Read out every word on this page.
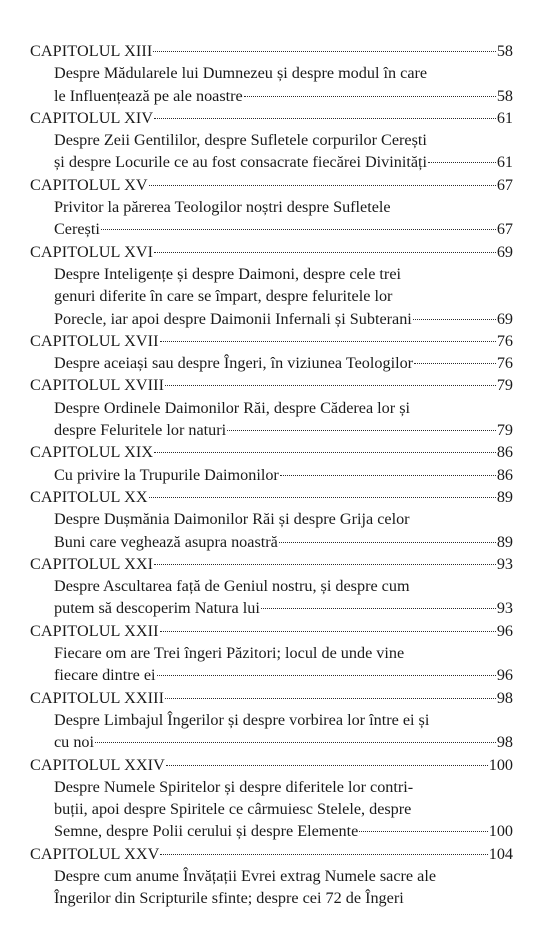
CAPITOLUL XIII	58
Despre Mădularele lui Dumnezeu și despre modul în care
le Influențează pe ale noastre	58
CAPITOLUL XIV	61
Despre Zeii Gentililor, despre Sufletele corpurilor Cerești
și despre Locurile ce au fost consacrate fiecărei Divinități	61
CAPITOLUL XV	67
Privitor la părerea Teologilor noștri despre Sufletele
Cerești	67
CAPITOLUL XVI	69
Despre Inteligențe și despre Daimoni, despre cele trei
genuri diferite în care se împart, despre feluritele lor
Porecle, iar apoi despre Daimonii Infernali și Subterani	69
CAPITOLUL XVII	76
Despre aceiași sau despre Îngeri, în viziunea Teologilor	76
CAPITOLUL XVIII	79
Despre Ordinele Daimonilor Răi, despre Căderea lor și
despre Feluritele lor naturi	79
CAPITOLUL XIX	86
Cu privire la Trupurile Daimonilor	86
CAPITOLUL XX	89
Despre Dușmănia Daimonilor Răi și despre Grija celor
Buni care veghează asupra noastră	89
CAPITOLUL XXI	93
Despre Ascultarea față de Geniul nostru, și despre cum
putem să descoperim Natura lui	93
CAPITOLUL XXII	96
Fiecare om are Trei îngeri Păzitori; locul de unde vine
fiecare dintre ei	96
CAPITOLUL XXIII	98
Despre Limbajul Îngerilor și despre vorbirea lor între ei și
cu noi	98
CAPITOLUL XXIV	100
Despre Numele Spiritelor și despre diferitele lor contri-
buții, apoi despre Spiritele ce cârmuiesc Stelele, despre
Semne, despre Polii cerului și despre Elemente	100
CAPITOLUL XXV	104
Despre cum anume Învățații Evrei extrag Numele sacre ale
Îngerilor din Scripturile sfinte; despre cei 72 de Îngeri
